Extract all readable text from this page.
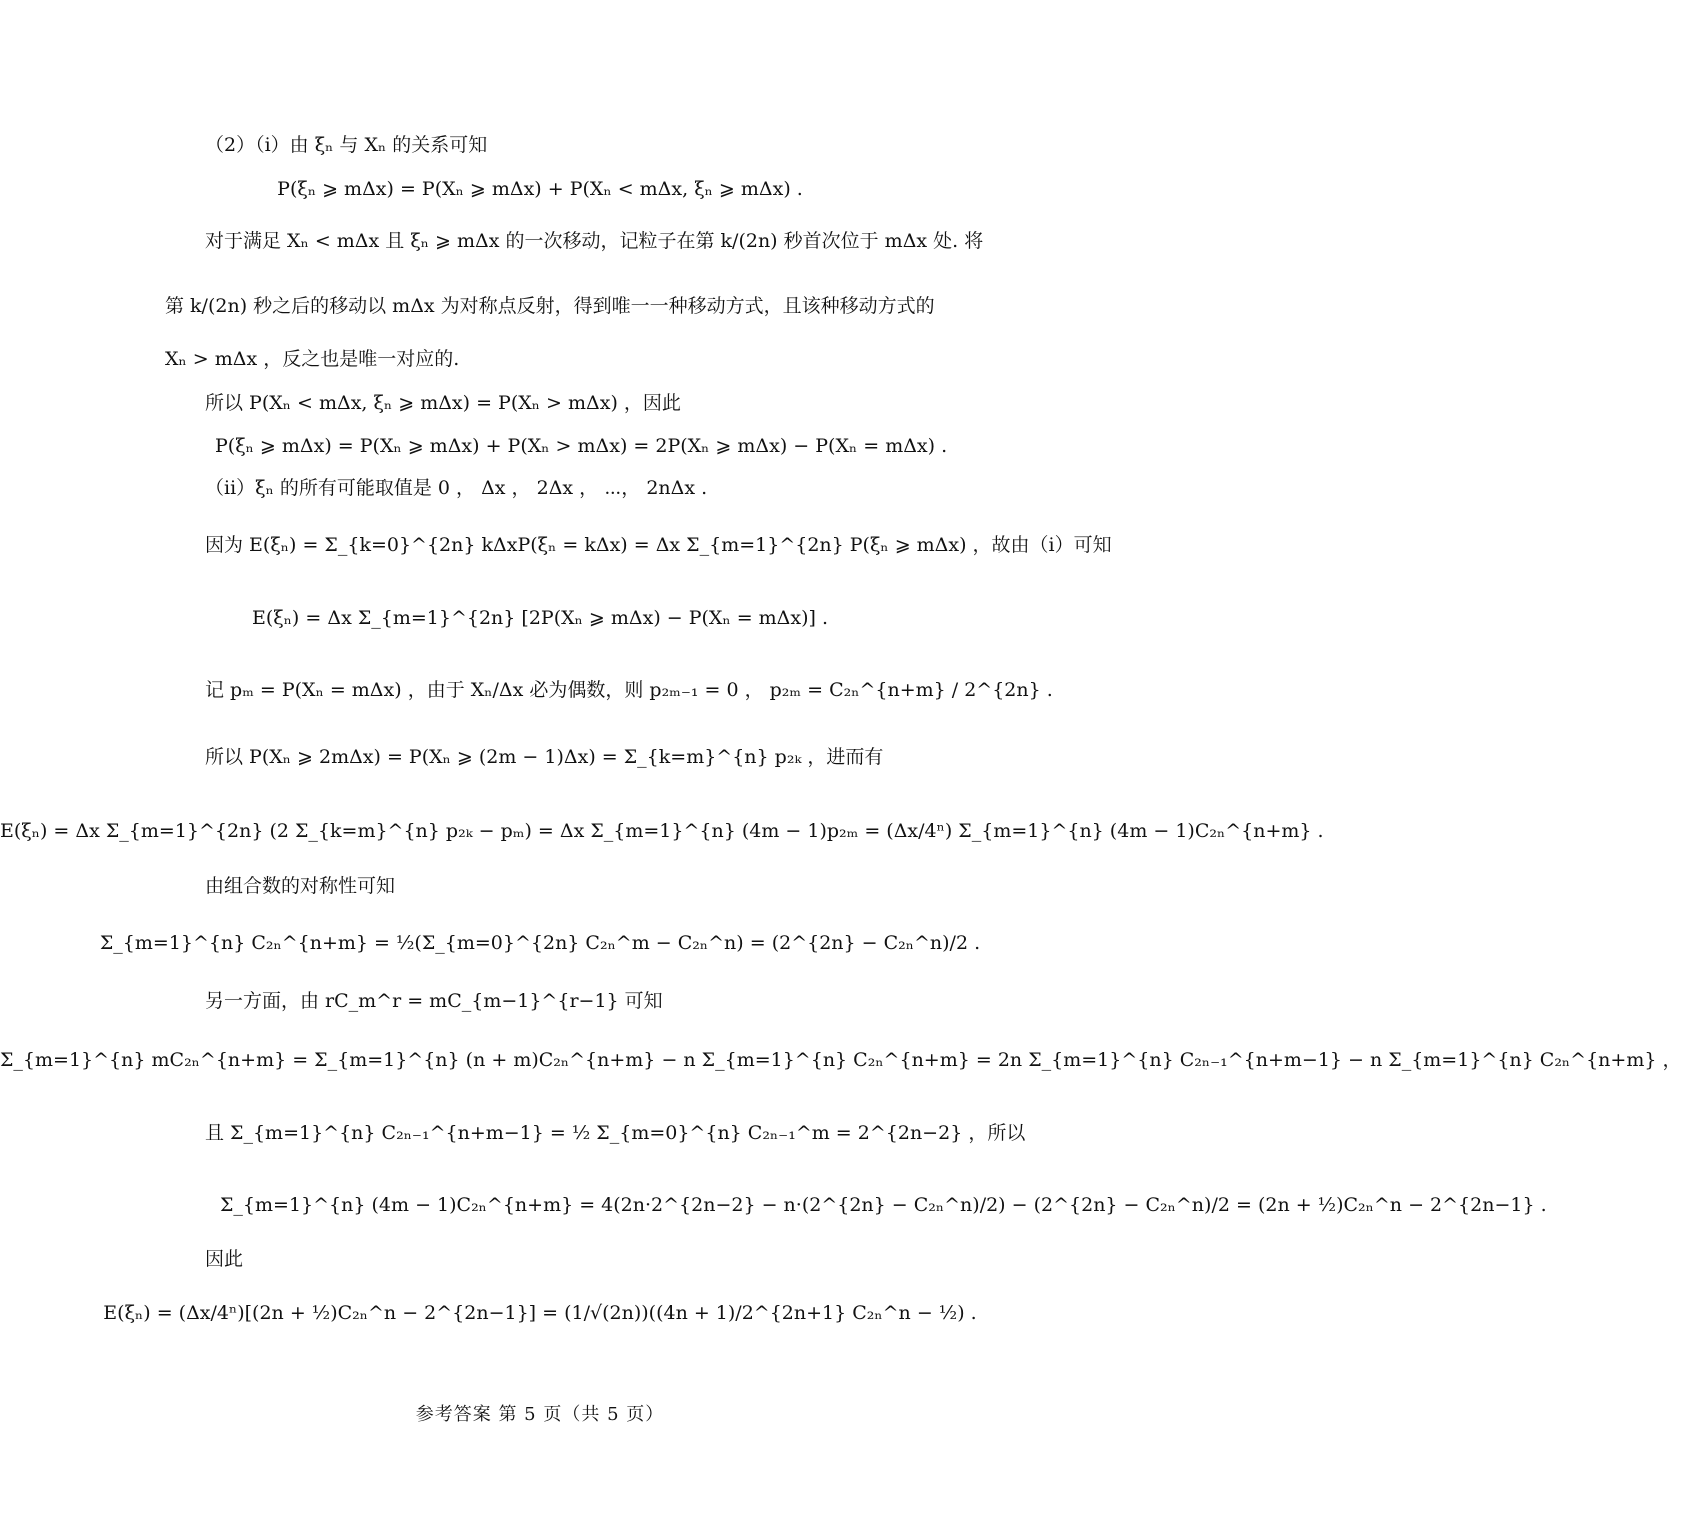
（2）（ⅰ）由 ξₙ 与 Xₙ 的关系可知
P(ξₙ ⩾ mΔx) = P(Xₙ ⩾ mΔx) + P(Xₙ < mΔx, ξₙ ⩾ mΔx) .
对于满足 Xₙ < mΔx 且 ξₙ ⩾ mΔx 的一次移动，记粒子在第 k/(2n) 秒首次位于 mΔx 处. 将
第 k/(2n) 秒之后的移动以 mΔx 为对称点反射，得到唯一一种移动方式，且该种移动方式的
Xₙ > mΔx ，反之也是唯一对应的.
所以 P(Xₙ < mΔx, ξₙ ⩾ mΔx) = P(Xₙ > mΔx) ，因此
P(ξₙ ⩾ mΔx) = P(Xₙ ⩾ mΔx) + P(Xₙ > mΔx) = 2P(Xₙ ⩾ mΔx) − P(Xₙ = mΔx) .
（ⅱ）ξₙ 的所有可能取值是 0 ， Δx ， 2Δx ， ⋯， 2nΔx .
因为 E(ξₙ) = Σ_{k=0}^{2n} kΔxP(ξₙ = kΔx) = Δx Σ_{m=1}^{2n} P(ξₙ ⩾ mΔx) ，故由（ⅰ）可知
E(ξₙ) = Δx Σ_{m=1}^{2n} [2P(Xₙ ⩾ mΔx) − P(Xₙ = mΔx)] .
记 pₘ = P(Xₙ = mΔx) ，由于 Xₙ/Δx 必为偶数，则 p₂ₘ₋₁ = 0 ， p₂ₘ = C₂ₙ^{n+m} / 2^{2n} .
所以 P(Xₙ ⩾ 2mΔx) = P(Xₙ ⩾ (2m − 1)Δx) = Σ_{k=m}^{n} p₂ₖ ，进而有
E(ξₙ) = Δx Σ_{m=1}^{2n} (2 Σ_{k=m}^{n} p₂ₖ − pₘ) = Δx Σ_{m=1}^{n} (4m − 1)p₂ₘ = (Δx/4ⁿ) Σ_{m=1}^{n} (4m − 1)C₂ₙ^{n+m} .
由组合数的对称性可知
Σ_{m=1}^{n} C₂ₙ^{n+m} = ½(Σ_{m=0}^{2n} C₂ₙ^m − C₂ₙ^n) = (2^{2n} − C₂ₙ^n)/2 .
另一方面，由 rC_m^r = mC_{m−1}^{r−1} 可知
Σ_{m=1}^{n} mC₂ₙ^{n+m} = Σ_{m=1}^{n} (n + m)C₂ₙ^{n+m} − n Σ_{m=1}^{n} C₂ₙ^{n+m} = 2n Σ_{m=1}^{n} C₂ₙ₋₁^{n+m−1} − n Σ_{m=1}^{n} C₂ₙ^{n+m} ，
且 Σ_{m=1}^{n} C₂ₙ₋₁^{n+m−1} = ½ Σ_{m=0}^{n} C₂ₙ₋₁^m = 2^{2n−2} ，所以
Σ_{m=1}^{n} (4m − 1)C₂ₙ^{n+m} = 4(2n·2^{2n−2} − n·(2^{2n} − C₂ₙ^n)/2) − (2^{2n} − C₂ₙ^n)/2 = (2n + ½)C₂ₙ^n − 2^{2n−1} .
因此
E(ξₙ) = (Δx/4ⁿ)[(2n + ½)C₂ₙ^n − 2^{2n−1}] = (1/√(2n))((4n + 1)/2^{2n+1} C₂ₙ^n − ½) .
参考答案 第 5 页（共 5 页）
